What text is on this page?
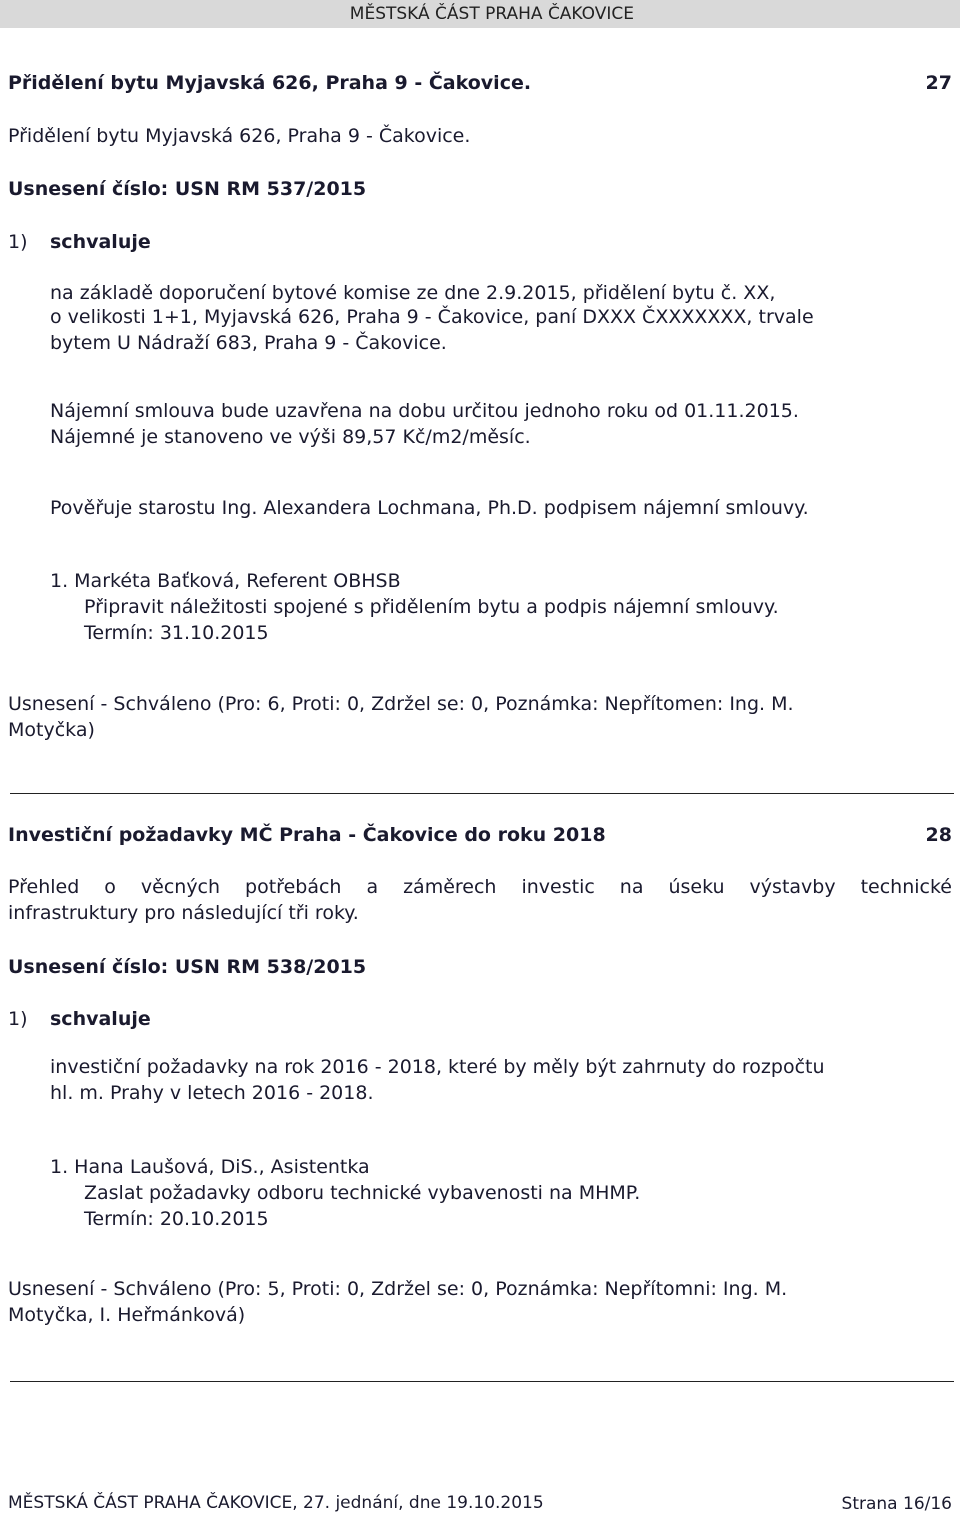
MĚSTSKÁ ČÁST PRAHA ČAKOVICE
Přidělení bytu Myjavská 626, Praha 9 - Čakovice.	27
Přidělení bytu Myjavská 626, Praha 9 - Čakovice.
Usnesení číslo: USN RM 537/2015
1) schvaluje
na základě doporučení bytové komise ze dne 2.9.2015, přidělení bytu č. XX,
o velikosti 1+1, Myjavská 626, Praha 9 - Čakovice, paní DXXX ČXXXXXXX, trvale
bytem U Nádraží 683, Praha 9 - Čakovice.
Nájemní smlouva bude uzavřena na dobu určitou jednoho roku od 01.11.2015.
Nájemné je stanoveno ve výši 89,57 Kč/m2/měsíc.
Pověřuje starostu Ing. Alexandera Lochmana, Ph.D. podpisem nájemní smlouvy.
1. Markéta Baťková, Referent OBHSB
Připravit náležitosti spojené s přidělením bytu a podpis nájemní smlouvy.
Termín: 31.10.2015
Usnesení - Schváleno (Pro: 6, Proti: 0, Zdržel se: 0, Poznámka: Nepřítomen: Ing. M.
Motyčka)
Investiční požadavky MČ Praha - Čakovice do roku 2018	28
Přehled o věcných potřebách a záměrech investic na úseku výstavby technické
infrastruktury pro následující tři roky.
Usnesení číslo: USN RM 538/2015
1) schvaluje
investiční požadavky na rok 2016 - 2018, které by měly být zahrnuty do rozpočtu
hl. m. Prahy v letech 2016 - 2018.
1. Hana Laušová, DiS., Asistentka
Zaslat požadavky odboru technické vybavenosti na MHMP.
Termín: 20.10.2015
Usnesení - Schváleno (Pro: 5, Proti: 0, Zdržel se: 0, Poznámka: Nepřítomni: Ing. M.
Motyčka, I. Heřmánková)
MĚSTSKÁ ČÁST PRAHA ČAKOVICE, 27. jednání, dne 19.10.2015	Strana 16/16
